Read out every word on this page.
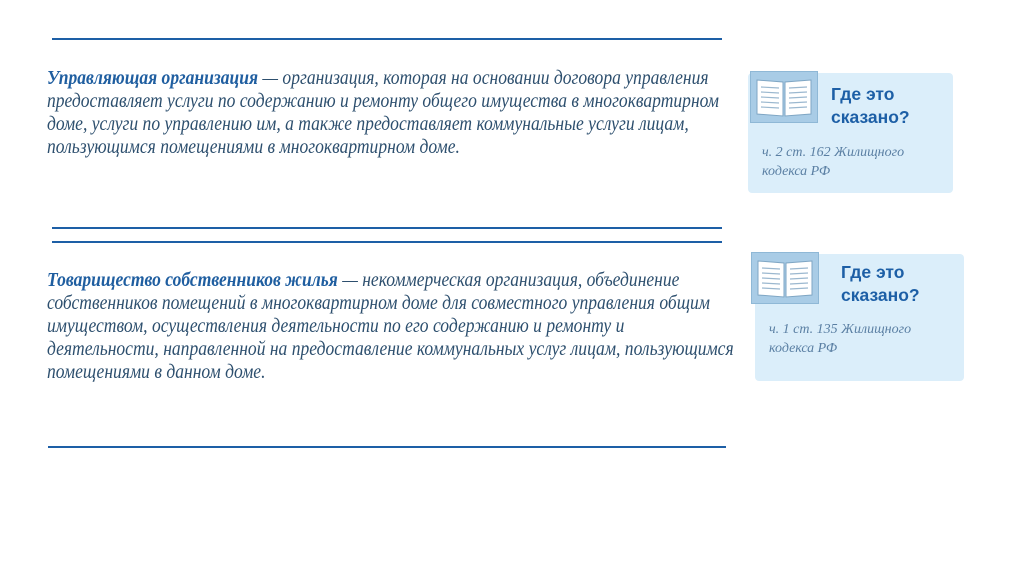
Управляющая организация — организация, которая на основании договора управления предоставляет услуги по содержанию и ремонту общего имущества в многоквартирном доме, услуги по управлению им, а также предоставляет коммунальные услуги лицам, пользующимся помещениями в многоквартирном доме.
Товарищество собственников жилья — некоммерческая организация, объединение собственников помещений в многоквартирном доме для совместного управления общим имуществом, осуществления деятельности по его содержанию и ремонту и деятельности, направленной на предоставление коммунальных услуг лицам, пользующимся помещениями в данном доме.
Где это
сказано?
ч. 2 ст. 162 Жилищного
кодекса РФ
Где это
сказано?
ч. 1 ст. 135 Жилищного
кодекса РФ
